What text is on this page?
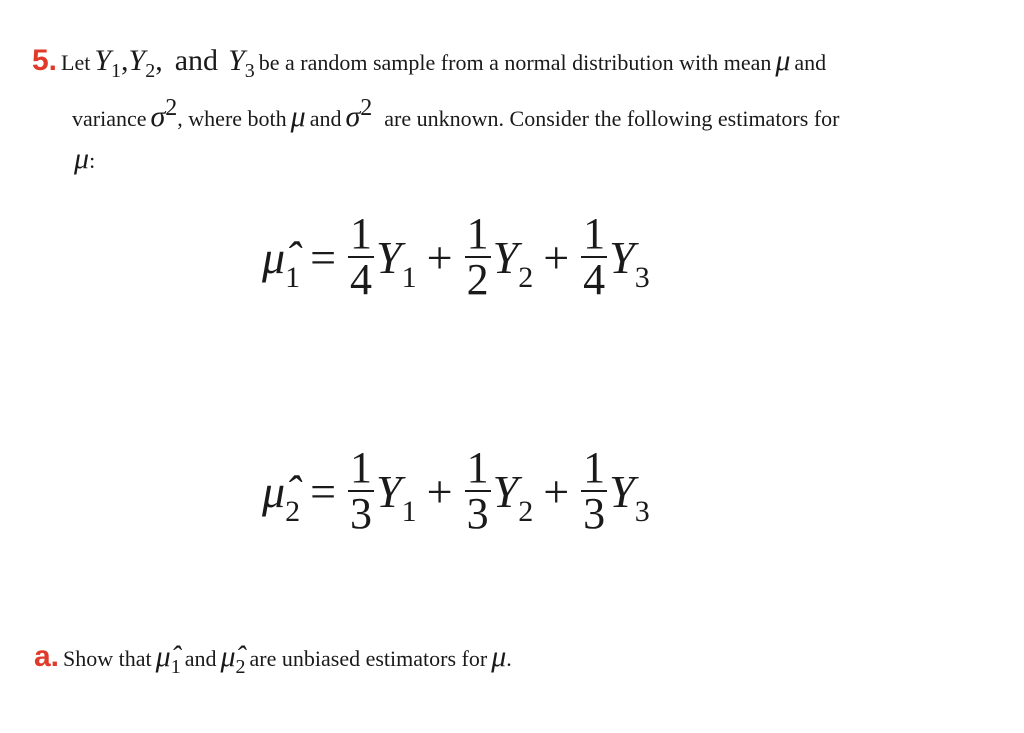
5. Let $Y_1,Y_2$, and $Y_3$ be a random sample from a normal distribution with mean μ and
variance $\sigma^2$, where both μ and $\sigma^2$ are unknown. Consider the following estimators for
μ:
$\mû_1 = \frac{1}{4} Y_1 + \frac{1}{2} Y_2 + \frac{1}{4} Y_3$
$\mû_2 = \frac{1}{3} Y_1 + \frac{1}{3} Y_2 + \frac{1}{3} Y_3$
a. Show that $\mû_1$ and $\mû_2$ are unbiased estimators for μ.
